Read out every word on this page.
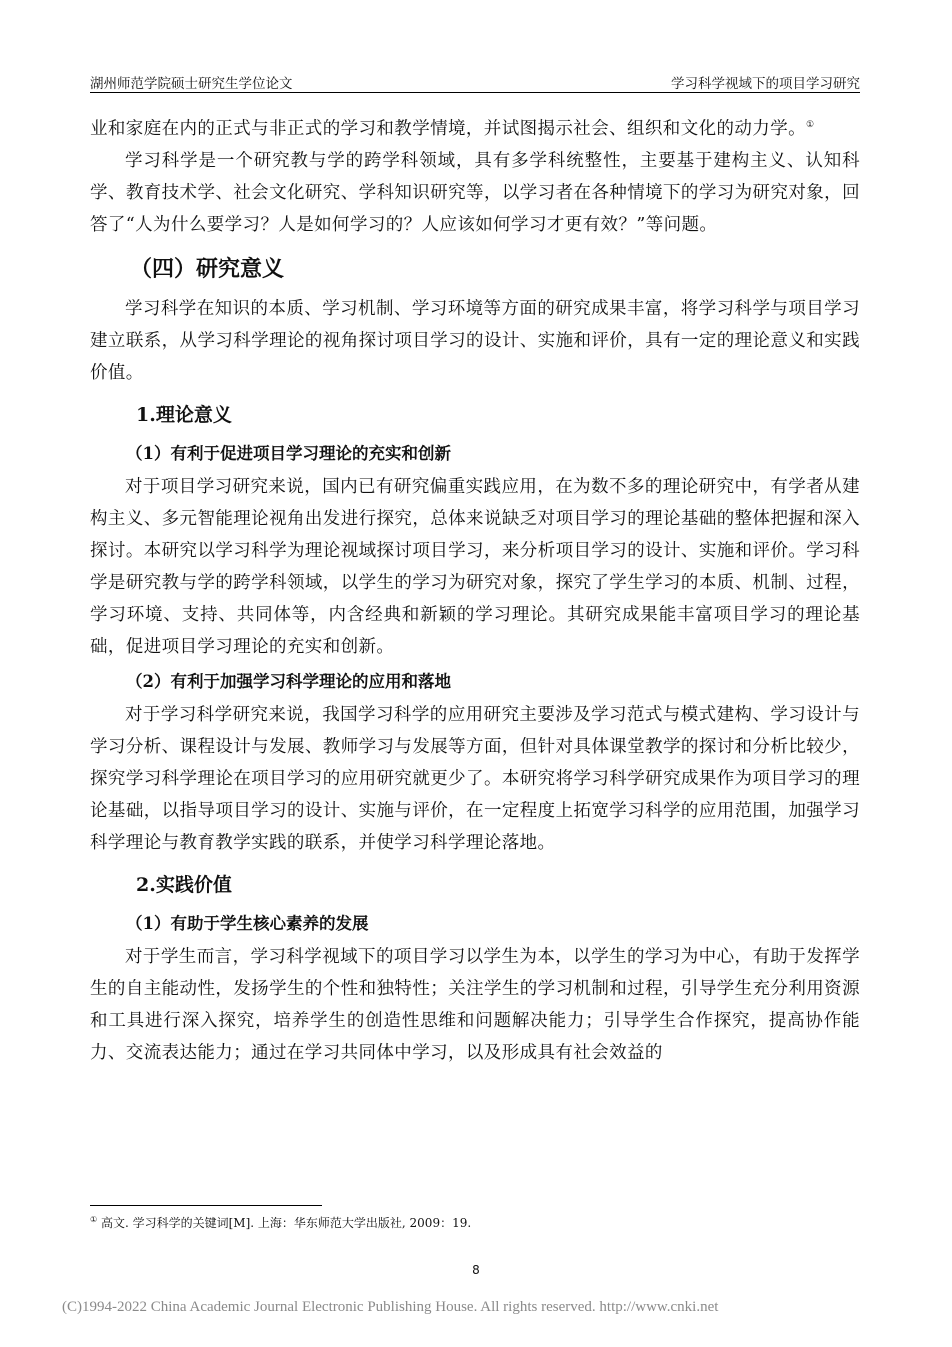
湖州师范学院硕士研究生学位论文	学习科学视域下的项目学习研究

业和家庭在内的正式与非正式的学习和教学情境，并试图揭示社会、组织和文化的动力学。①

学习科学是一个研究教与学的跨学科领域，具有多学科统整性，主要基于建构主义、认知科学、教育技术学、社会文化研究、学科知识研究等，以学习者在各种情境下的学习为研究对象，回答了“人为什么要学习？人是如何学习的？人应该如何学习才更有效？”等问题。

（四）研究意义

学习科学在知识的本质、学习机制、学习环境等方面的研究成果丰富，将学习科学与项目学习建立联系，从学习科学理论的视角探讨项目学习的设计、实施和评价，具有一定的理论意义和实践价值。

1.理论意义
（1）有利于促进项目学习理论的充实和创新

对于项目学习研究来说，国内已有研究偏重实践应用，在为数不多的理论研究中，有学者从建构主义、多元智能理论视角出发进行探究，总体来说缺乏对项目学习的理论基础的整体把握和深入探讨。本研究以学习科学为理论视域探讨项目学习，来分析项目学习的设计、实施和评价。学习科学是研究教与学的跨学科领域，以学生的学习为研究对象，探究了学生学习的本质、机制、过程，学习环境、支持、共同体等，内含经典和新颖的学习理论。其研究成果能丰富项目学习的理论基础，促进项目学习理论的充实和创新。

（2）有利于加强学习科学理论的应用和落地

对于学习科学研究来说，我国学习科学的应用研究主要涉及学习范式与模式建构、学习设计与学习分析、课程设计与发展、教师学习与发展等方面，但针对具体课堂教学的探讨和分析比较少，探究学习科学理论在项目学习的应用研究就更少了。本研究将学习科学研究成果作为项目学习的理论基础，以指导项目学习的设计、实施与评价，在一定程度上拓宽学习科学的应用范围，加强学习科学理论与教育教学实践的联系，并使学习科学理论落地。

2.实践价值
（1）有助于学生核心素养的发展

对于学生而言，学习科学视域下的项目学习以学生为本，以学生的学习为中心，有助于发挥学生的自主能动性，发扬学生的个性和独特性；关注学生的学习机制和过程，引导学生充分利用资源和工具进行深入探究，培养学生的创造性思维和问题解决能力；引导学生合作探究，提高协作能力、交流表达能力；通过在学习共同体中学习，以及形成具有社会效益的

① 高文. 学习科学的关键词[M]. 上海：华东师范大学出版社, 2009：19.
8
(C)1994-2022 China Academic Journal Electronic Publishing House. All rights reserved. http://www.cnki.net
